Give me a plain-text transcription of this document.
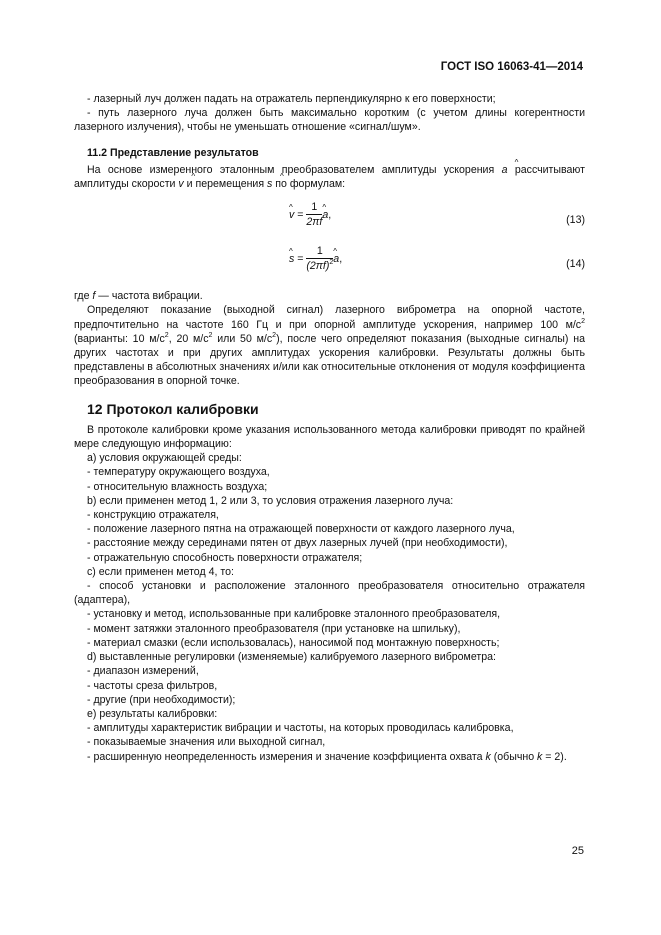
ГОСТ ISO 16063-41—2014

- лазерный луч должен падать на отражатель перпендикулярно к его поверхности;

- путь лазерного луча должен быть максимально коротким (с учетом длины когерентности лазерного излучения), чтобы не уменьшать отношение «сигнал/шум».

11.2 Представление результатов

На основе измеренного эталонным преобразователем амплитуды ускорения ^ a рассчитывают амплитуды скорости ^ v и перемещения ^ s по формулам:

^ $v = \frac{1}{2\pi f}$ ^ a,	(13)
^ $s = \frac{1}{(2\pi f)^2}$ ^ a,	(14)

где f — частота вибрации.

Определяют показание (выходной сигнал) лазерного виброметра на опорной частоте, предпочтительно на частоте 160 Гц и при опорной амплитуде ускорения, например 100 $м/с^2$ (варианты: 10 $м/с^2$, 20 $м/с^2$ или 50 $м/с^2$), после чего определяют показания (выходные сигналы) на других частотах и при других амплитудах ускорения калибровки. Результаты должны быть представлены в абсолютных значениях и/или как относительные отклонения от модуля коэффициента преобразования в опорной точке.

12 Протокол калибровки

В протоколе калибровки кроме указания использованного метода калибровки приводят по крайней мере следующую информацию:

а) условия окружающей среды:

- температуру окружающего воздуха,

- относительную влажность воздуха;

b) если применен метод 1, 2 или 3, то условия отражения лазерного луча:

- конструкцию отражателя,

- положение лазерного пятна на отражающей поверхности от каждого лазерного луча,

- расстояние между серединами пятен от двух лазерных лучей (при необходимости),

- отражательную способность поверхности отражателя;

c) если применен метод 4, то:

- способ установки и расположение эталонного преобразователя относительно отражателя (адаптера),

- установку и метод, использованные при калибровке эталонного преобразователя,

- момент затяжки эталонного преобразователя (при установке на шпильку),

- материал смазки (если использовалась), наносимой под монтажную поверхность;

d) выставленные регулировки (изменяемые) калибруемого лазерного виброметра:

- диапазон измерений,

- частоты среза фильтров,

- другие (при необходимости);

е) результаты калибровки:

- амплитуды характеристик вибрации и частоты, на которых проводилась калибровка,

- показываемые значения или выходной сигнал,

- расширенную неопределенность измерения и значение коэффициента охвата k (обычно k = 2).

25
